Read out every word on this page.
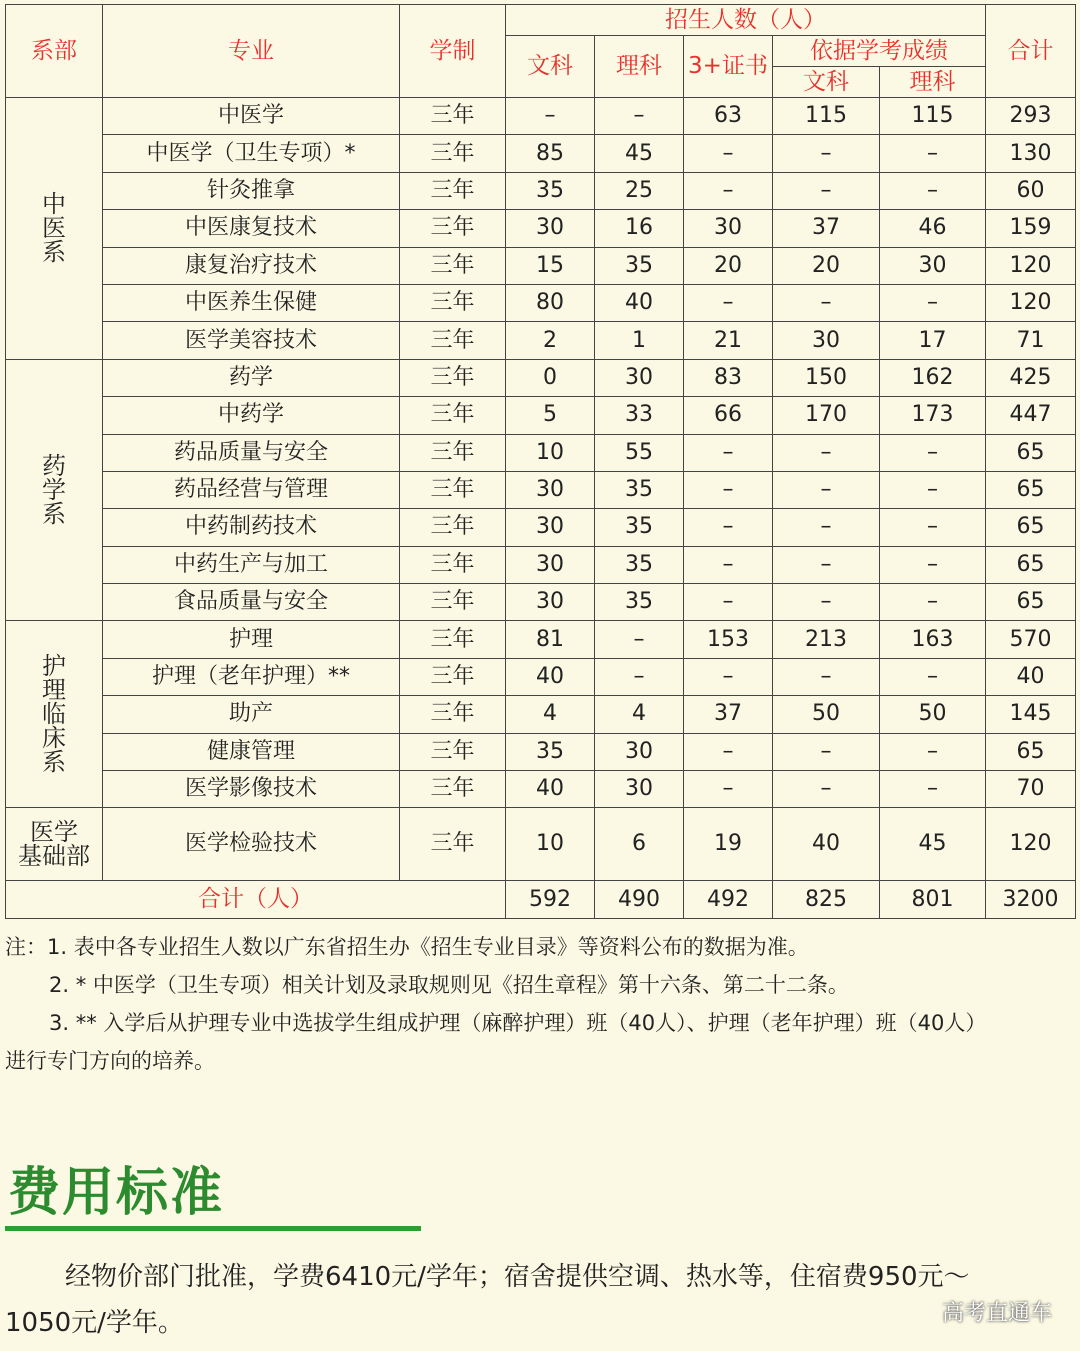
系部	专业	学制	招生人数（人）					合计
			文科	理科	3+证书	依据学考成绩		
						文科	理科	

中
医
系	中医学	三年	–	–	63	115	115	293
	中医学（卫生专项）*	三年	85	45	–	–	–	130
	针灸推拿	三年	35	25	–	–	–	60
	中医康复技术	三年	30	16	30	37	46	159
	康复治疗技术	三年	15	35	20	20	30	120
	中医养生保健	三年	80	40	–	–	–	120
	医学美容技术	三年	2	1	21	30	17	71

药
学
系	药学	三年	0	30	83	150	162	425
	中药学	三年	5	33	66	170	173	447
	药品质量与安全	三年	10	55	–	–	–	65
	药品经营与管理	三年	30	35	–	–	–	65
	中药制药技术	三年	30	35	–	–	–	65
	中药生产与加工	三年	30	35	–	–	–	65
	食品质量与安全	三年	30	35	–	–	–	65

护
理
临
床
系	护理	三年	81	–	153	213	163	570
	护理（老年护理）**	三年	40	–	–	–	–	40
	助产	三年	4	4	37	50	50	145
	健康管理	三年	35	30	–	–	–	65
	医学影像技术	三年	40	30	–	–	–	70

医学
基础部	医学检验技术	三年	10	6	19	40	45	120
合计（人）			592	490	492	825	801	3200
注：1. 表中各专业招生人数以广东省招生办《招生专业目录》等资料公布的数据为准。
2. * 中医学（卫生专项）相关计划及录取规则见《招生章程》第十六条、第二十二条。
3. ** 入学后从护理专业中选拔学生组成护理（麻醉护理）班（40人）、护理（老年护理）班（40人）
进行专门方向的培养。
费用标准
经物价部门批准，学费6410元/学年；宿舍提供空调、热水等，住宿费950元～
1050元/学年。	高考直通车
